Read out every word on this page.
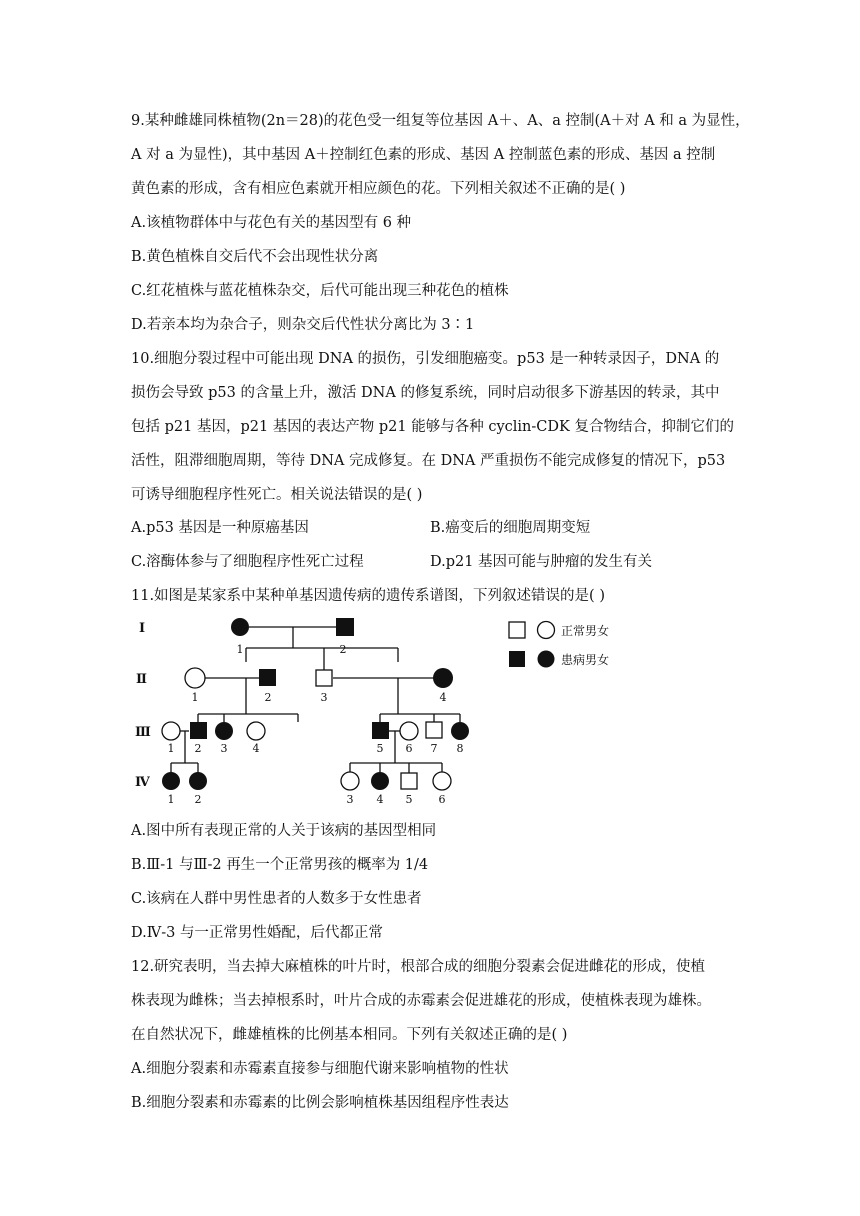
9.某种雌雄同株植物(2n＝28)的花色受一组复等位基因 A＋、A、a 控制(A＋对 A 和 a 为显性，
A 对 a 为显性)，其中基因 A＋控制红色素的形成、基因 A 控制蓝色素的形成、基因 a 控制
黄色素的形成，含有相应色素就开相应颜色的花。下列相关叙述不正确的是( )
A.该植物群体中与花色有关的基因型有 6 种
B.黄色植株自交后代不会出现性状分离
C.红花植株与蓝花植株杂交，后代可能出现三种花色的植株
D.若亲本均为杂合子，则杂交后代性状分离比为 3∶1
10.细胞分裂过程中可能出现 DNA 的损伤，引发细胞癌变。p53 是一种转录因子，DNA 的
损伤会导致 p53 的含量上升，激活 DNA 的修复系统，同时启动很多下游基因的转录，其中
包括 p21 基因，p21 基因的表达产物 p21 能够与各种 cyclin-CDK 复合物结合，抑制它们的
活性，阻滞细胞周期，等待 DNA 完成修复。在 DNA 严重损伤不能完成修复的情况下，p53
可诱导细胞程序性死亡。相关说法错误的是( )
A.p53 基因是一种原癌基因	B.癌变后的细胞周期变短
C.溶酶体参与了细胞程序性死亡过程	D.p21 基因可能与肿瘤的发生有关
11.如图是某家系中某种单基因遗传病的遗传系谱图，下列叙述错误的是( )
Ⅰ
Ⅱ
Ⅲ
Ⅳ
1	2
1	2	3	4
1 2 3 4	5 6 7 8
1 2	3 4 5 6
正常男女
患病男女
A.图中所有表现正常的人关于该病的基因型相同
B.Ⅲ-1 与Ⅲ-2 再生一个正常男孩的概率为 1/4
C.该病在人群中男性患者的人数多于女性患者
D.Ⅳ-3 与一正常男性婚配，后代都正常
12.研究表明，当去掉大麻植株的叶片时，根部合成的细胞分裂素会促进雌花的形成，使植
株表现为雌株；当去掉根系时，叶片合成的赤霉素会促进雄花的形成，使植株表现为雄株。
在自然状况下，雌雄植株的比例基本相同。下列有关叙述正确的是( )
A.细胞分裂素和赤霉素直接参与细胞代谢来影响植物的性状
B.细胞分裂素和赤霉素的比例会影响植株基因组程序性表达
